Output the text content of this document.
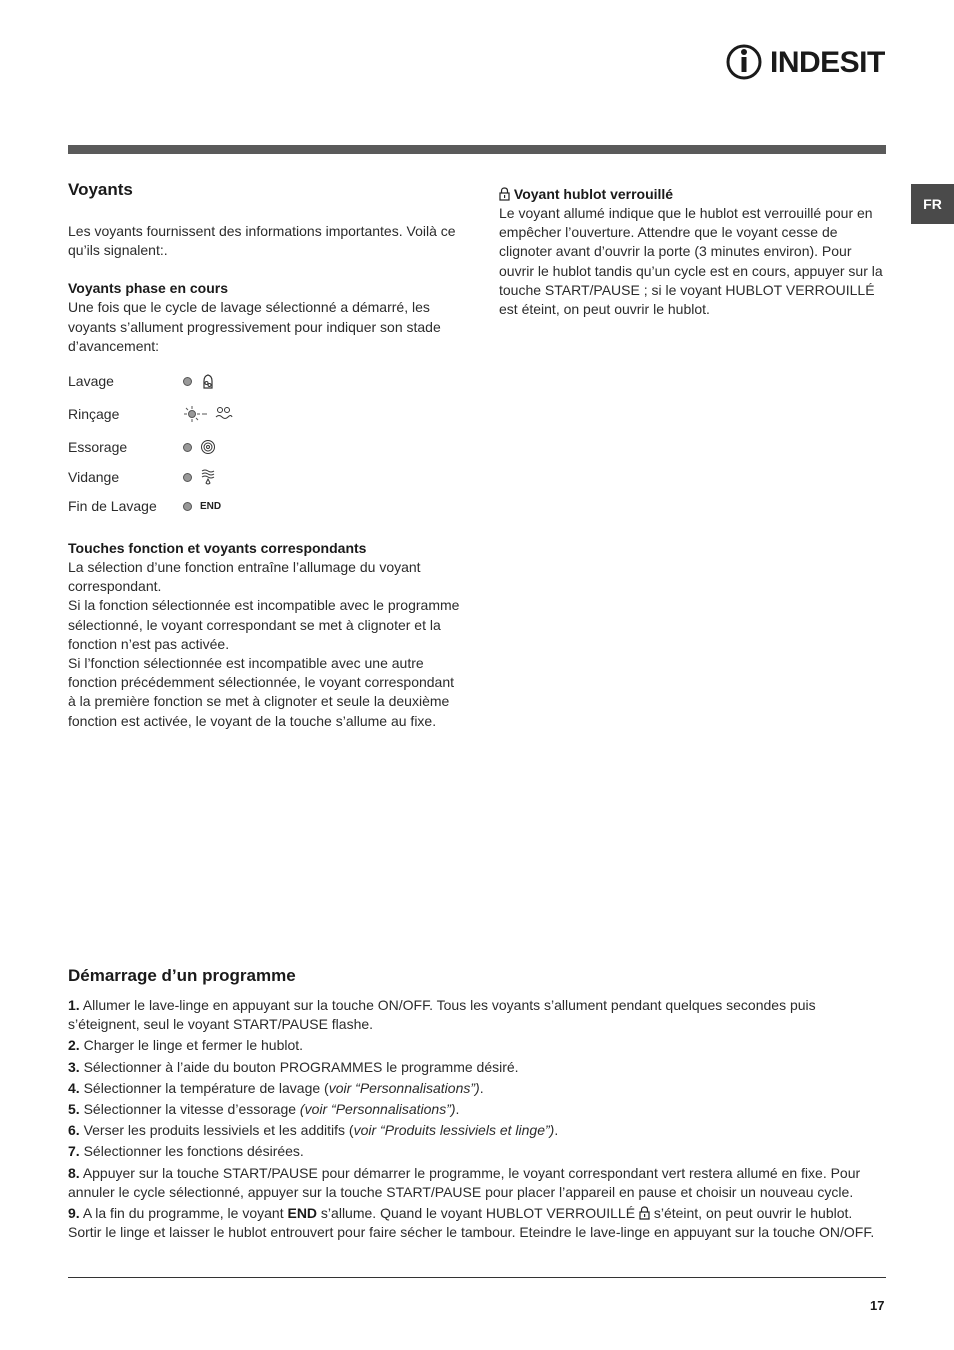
INDESIT
FR
Voyants

Les voyants fournissent des informations importantes. Voilà ce qu’ils signalent:.

Voyants phase en cours

Une fois que le cycle de lavage sélectionné a démarré, les voyants s’allument progressivement pour indiquer son stade d’avancement:

Lavage
Rinçage
Essorage
Vidange
Fin de Lavage	END
Touches fonction et voyants correspondants

La sélection d’une fonction entraîne l’allumage du voyant correspondant.

Si la fonction sélectionnée est incompatible avec le programme sélectionné, le voyant correspondant se met à clignoter et la fonction n’est pas activée.

Si l’fonction sélectionnée est incompatible avec une autre fonction précédemment sélectionnée, le voyant correspondant à la première fonction se met à clignoter et seule la deuxième fonction est activée, le voyant de la touche s’allume au fixe.

Voyant hublot verrouillé

Le voyant allumé indique que le hublot est verrouillé pour en empêcher l’ouverture. Attendre que le voyant cesse de clignoter avant d’ouvrir la porte (3 minutes environ). Pour ouvrir le hublot tandis qu’un cycle est en cours, appuyer sur la touche START/PAUSE ; si le voyant HUBLOT VERROUILLÉ est éteint, on peut ouvrir le hublot.

Démarrage d’un programme
1. Allumer le lave-linge en appuyant sur la touche ON/OFF. Tous les voyants s’allument pendant quelques secondes puis s’éteignent, seul le voyant START/PAUSE flashe.
2. Charger le linge et fermer le hublot.
3. Sélectionner à l’aide du bouton PROGRAMMES le programme désiré.
4. Sélectionner la température de lavage (voir “Personnalisations”).
5. Sélectionner la vitesse d’essorage (voir “Personnalisations”).
6. Verser les produits lessiviels et les additifs (voir “Produits lessiviels et linge”).
7. Sélectionner les fonctions désirées.
8. Appuyer sur la touche START/PAUSE pour démarrer le programme, le voyant correspondant vert restera allumé en fixe. Pour annuler le cycle sélectionné, appuyer sur la touche START/PAUSE pour placer l’appareil en pause et choisir un nouveau cycle.
9. A la fin du programme, le voyant END s’allume. Quand le voyant HUBLOT VERROUILLÉ  s’éteint, on peut ouvrir le hublot. Sortir le linge et laisser le hublot entrouvert pour faire sécher le tambour. Eteindre le lave-linge en appuyant sur la touche ON/OFF.
17
